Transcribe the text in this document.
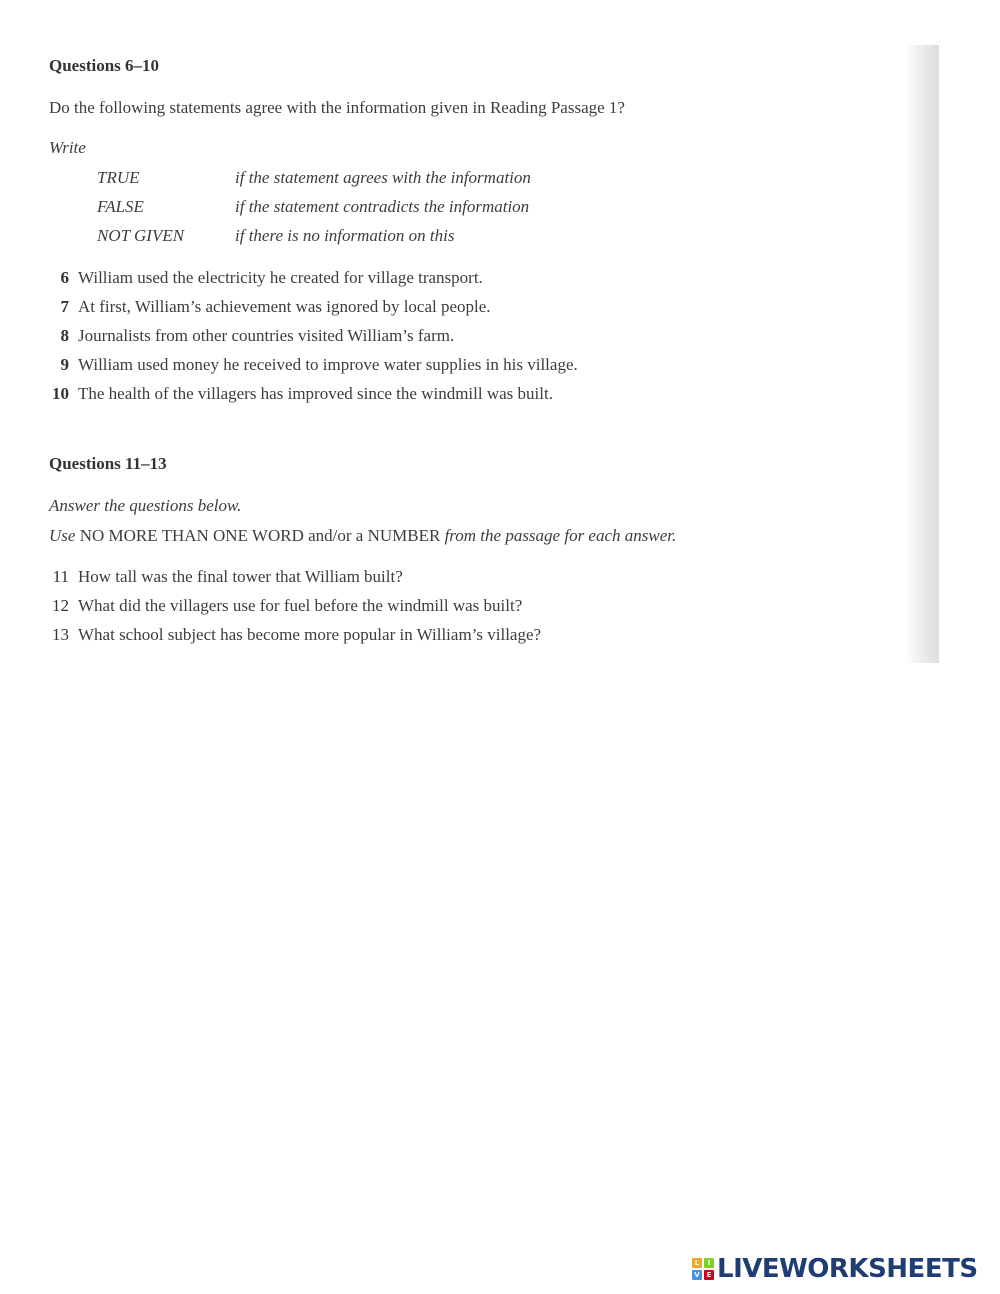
Questions 6–10
Do the following statements agree with the information given in Reading Passage 1?
Write
TRUE	if the statement agrees with the information
FALSE	if the statement contradicts the information
NOT GIVEN	if there is no information on this
6 William used the electricity he created for village transport.
7 At first, William’s achievement was ignored by local people.
8 Journalists from other countries visited William’s farm.
9 William used money he received to improve water supplies in his village.
10 The health of the villagers has improved since the windmill was built.
Questions 11–13
Answer the questions below.
Use NO MORE THAN ONE WORD and/or a NUMBER from the passage for each answer.
11 How tall was the final tower that William built?
12 What did the villagers use for fuel before the windmill was built?
13 What school subject has become more popular in William’s village?
L	I
V E LIVEWORKSHEETS
